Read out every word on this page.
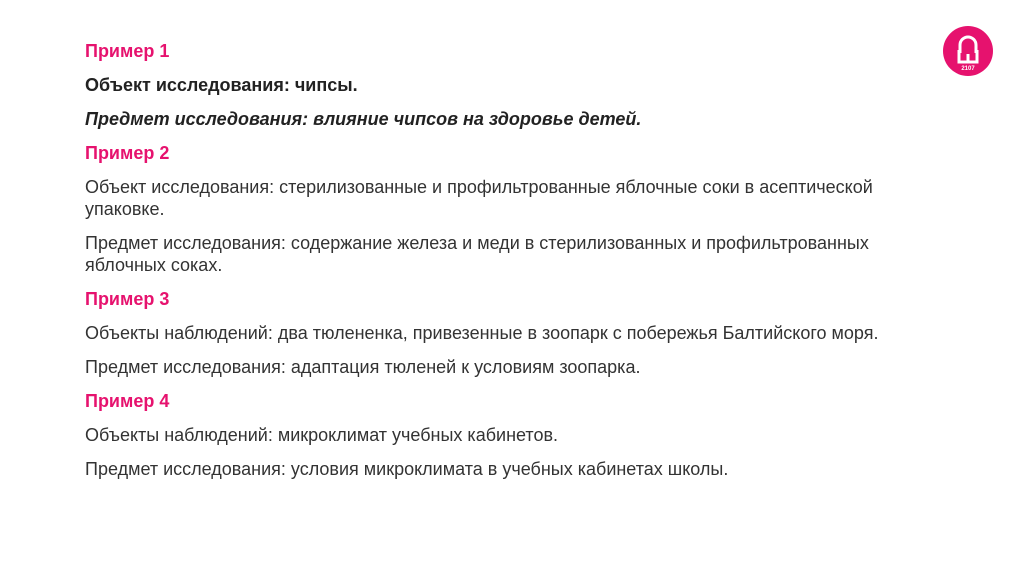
2107

Пример 1

Объект исследования: чипсы.

Предмет исследования: влияние чипсов на здоровье детей.

Пример 2

Объект исследования: стерилизованные и профильтрованные яблочные соки в асептической упаковке.

Предмет исследования: содержание железа и меди в стерилизованных и профильтрованных яблочных соках.

Пример 3

Объекты наблюдений: два тюлененка, привезенные в зоопарк с побережья Балтийского моря.

Предмет исследования: адаптация тюленей к условиям зоопарка.

Пример 4

Объекты наблюдений: микроклимат учебных кабинетов.

Предмет исследования: условия микроклимата в учебных кабинетах школы.
